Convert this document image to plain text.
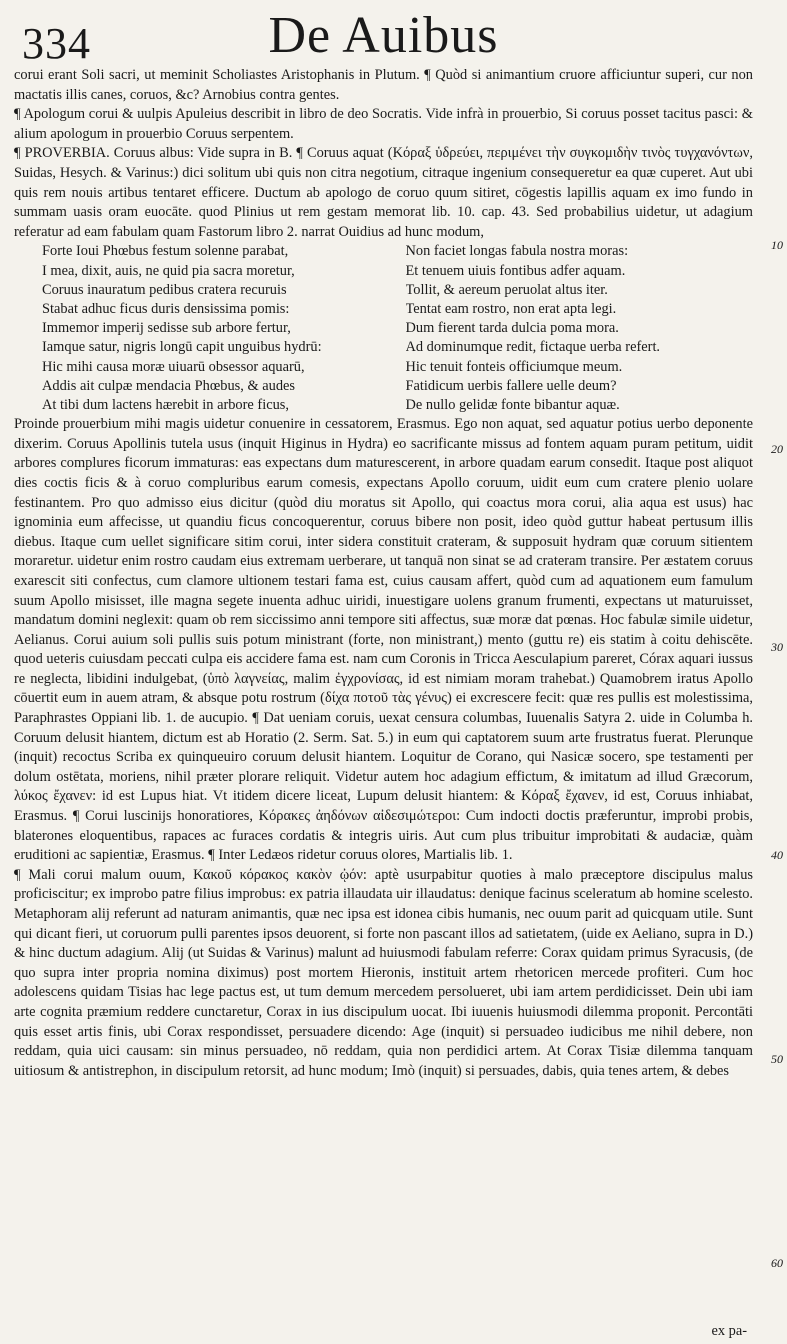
334	De Auibus

corui erant Soli sacri, ut meminit Scholiastes Aristophanis in Plutum. ¶ Quòd si animantium cruore afficiuntur superi, cur non mactatis illis canes, coruos, &c? Arnobius contra gentes.

¶ Apologum corui & uulpis Apuleius describit in libro de deo Socratis. Vide infrà in prouerbio, Si coruus posset tacitus pasci: & alium apologum in prouerbio Coruus serpentem.

¶ PROVERBIA. Coruus albus: Vide supra in B. ¶ Coruus aquat (Κόραξ ὑδρεύει, περιμένει τὴν συγκομιδὴν τινὸς τυγχανόντων, Suidas, Hesych. & Varinus:) dici solitum ubi quis non citra negotium, citraque ingenium consequeretur ea quæ cuperet. Aut ubi quis rem nouis artibus tentaret efficere. Ductum ab apologo de coruo quum sitiret, cōgestis lapillis aquam ex imo fundo in summam uasis oram euocāte. quod Plinius ut rem gestam memorat lib. 10. cap. 43. Sed probabilius uidetur, ut adagium referatur ad eam fabulam quam Fastorum libro 2. narrat Ouidius ad hunc modum,

Forte Ioui Phœbus festum solenne parabat,	Non faciet longas fabula nostra moras:
I mea, dixit, auis, ne quid pia sacra moretur,	Et tenuem uiuis fontibus adfer aquam.
Coruus inauratum pedibus cratera recuruis	Tollit, & aereum peruolat altus iter.
Stabat adhuc ficus duris densissima pomis:	Tentat eam rostro, non erat apta legi.
Immemor imperij sedisse sub arbore fertur,	Dum fierent tarda dulcia poma mora.
Iamque satur, nigris longū capit unguibus hydrū:	Ad dominumque redit, fictaque uerba refert.
Hic mihi causa moræ uiuarū obsessor aquarū,	Hic tenuit fonteis officiumque meum.
Addis ait culpæ mendacia Phœbus, & audes	Fatidicum uerbis fallere uelle deum?
At tibi dum lactens hærebit in arbore ficus,	De nullo gelidæ fonte bibantur aquæ.

Proinde prouerbium mihi magis uidetur conuenire in cessatorem, Erasmus. Ego non aquat, sed aquatur potius uerbo deponente dixerim. Coruus Apollinis tutela usus (inquit Higinus in Hydra) eo sacrificante missus ad fontem aquam puram petitum, uidit arbores complures ficorum immaturas: eas expectans dum maturescerent, in arbore quadam earum consedit. Itaque post aliquot dies coctis ficis & à coruo compluribus earum comesis, expectans Apollo coruum, uidit eum cum cratere plenio uolare festinantem. Pro quo admisso eius dicitur (quòd diu moratus sit Apollo, qui coactus mora corui, alia aqua est usus) hac ignominia eum affecisse, ut quandiu ficus concoquerentur, coruus bibere non posit, ideo quòd guttur habeat pertusum illis diebus. Itaque cum uellet significare sitim corui, inter sidera constituit crateram, & supposuit hydram quæ coruum sitientem moraretur. uidetur enim rostro caudam eius extremam uerberare, ut tanquā non sinat se ad crateram transire. Per æstatem coruus exarescit siti confectus, cum clamore ultionem testari fama est, cuius causam affert, quòd cum ad aquationem eum famulum suum Apollo misisset, ille magna segete inuenta adhuc uiridi, inuestigare uolens granum frumenti, expectans ut maturuisset, mandatum domini neglexit: quam ob rem siccissimo anni tempore siti affectus, suæ moræ dat pœnas. Hoc fabulæ simile uidetur, Aelianus. Corui auium soli pullis suis potum ministrant (forte, non ministrant,) mento (guttu re) eis statim à coitu dehiscēte. quod ueteris cuiusdam peccati culpa eis accidere fama est. nam cum Coronis in Tricca Aesculapium pareret, Córax aquari iussus re neglecta, libidini indulgebat, (ὑπὸ λαγνείας, malim ἐγχρονίσας, id est nimiam moram trahebat.) Quamobrem iratus Apollo cōuertit eum in auem atram, & absque potu rostrum (δίχα ποτοῦ τὰς γένυς) ei excrescere fecit: quæ res pullis est molestissima, Paraphrastes Oppiani lib. 1. de aucupio. ¶ Dat ueniam coruis, uexat censura columbas, Iuuenalis Satyra 2. uide in Columba h. Coruum delusit hiantem, dictum est ab Horatio (2. Serm. Sat. 5.) in eum qui captatorem suum arte frustratus fuerat. Plerunque (inquit) recoctus Scriba ex quinqueuiro coruum delusit hiantem. Loquitur de Corano, qui Nasicæ socero, spe testamenti per dolum ostētata, moriens, nihil præter plorare reliquit. Videtur autem hoc adagium effictum, & imitatum ad illud Græcorum, λύκος ἔχανεν: id est Lupus hiat. Vt itidem dicere liceat, Lupum delusit hiantem: & Κόραξ ἔχανεν, id est, Coruus inhiabat, Erasmus. ¶ Corui luscinijs honoratiores, Κόρακες ἀηδόνων αἰδεσιμώτεροι: Cum indocti doctis præferuntur, improbi probis, blaterones eloquentibus, rapaces ac furaces cordatis & integris uiris. Aut cum plus tribuitur improbitati & audaciæ, quàm eruditioni ac sapientiæ, Erasmus. ¶ Inter Ledæos ridetur coruus olores, Martialis lib. 1.

¶ Mali corui malum ouum, Κακοῦ κόρακος κακὸν ᾠόν: aptè usurpabitur quoties à malo præceptore discipulus malus proficiscitur; ex improbo patre filius improbus: ex patria illaudata uir illaudatus: denique facinus sceleratum ab homine scelesto. Metaphoram alij referunt ad naturam animantis, quæ nec ipsa est idonea cibis humanis, nec ouum parit ad quicquam utile. Sunt qui dicant fieri, ut coruorum pulli parentes ipsos deuorent, si forte non pascant illos ad satietatem, (uide ex Aeliano, supra in D.) & hinc ductum adagium. Alij (ut Suidas & Varinus) malunt ad huiusmodi fabulam referre: Corax quidam primus Syracusis, (de quo supra inter propria nomina diximus) post mortem Hieronis, instituit artem rhetoricen mercede profiteri. Cum hoc adolescens quidam Tisias hac lege pactus est, ut tum demum mercedem persolueret, ubi iam artem perdidicisset. Dein ubi iam arte cognita præmium reddere cunctaretur, Corax in ius discipulum uocat. Ibi iuuenis huiusmodi dilemma proponit. Percontāti quis esset artis finis, ubi Corax respondisset, persuadere dicendo: Age (inquit) si persuadeo iudicibus me nihil debere, non reddam, quia uici causam: sin minus persuadeo, nō reddam, quia non perdidici artem. At Corax Tisiæ dilemma tanquam uitiosum & antistrephon, in discipulum retorsit, ad hunc modum; Imò (inquit) si persuades, dabis, quia tenes artem, & debes

10
20
30
40
50
60
ex pa-
